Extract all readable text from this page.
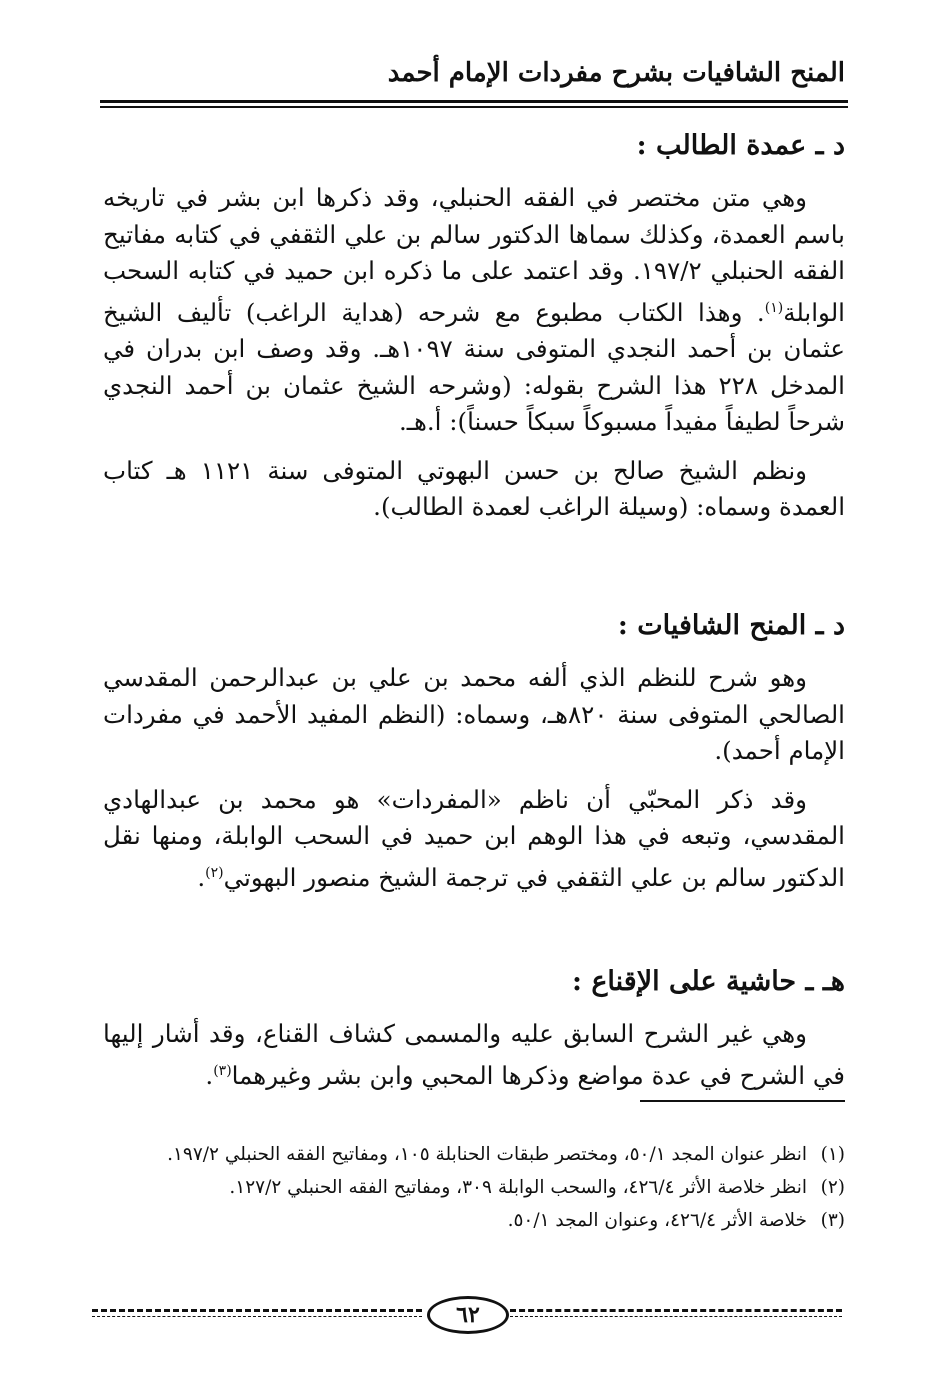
المنح الشافيات بشرح مفردات الإمام أحمد
د ـ عمدة الطالب :

وهي متن مختصر في الفقه الحنبلي، وقد ذكرها ابن بشر في تاريخه باسم العمدة، وكذلك سماها الدكتور سالم بن علي الثقفي في كتابه مفاتيح الفقه الحنبلي ١٩٧/٢. وقد اعتمد على ما ذكره ابن حميد في كتابه السحب الوابلة$^{(١)}$. وهذا الكتاب مطبوع مع شرحه (هداية الراغب) تأليف الشيخ عثمان بن أحمد النجدي المتوفى سنة ١٠٩٧هـ. وقد وصف ابن بدران في المدخل ٢٢٨ هذا الشرح بقوله: (وشرحه الشيخ عثمان بن أحمد النجدي شرحاً لطيفاً مفيداً مسبوكاً سبكاً حسناً): أ.هـ.

ونظم الشيخ صالح بن حسن البهوتي المتوفى سنة ١١٢١ هـ كتاب العمدة وسماه: (وسيلة الراغب لعمدة الطالب).

د ـ المنح الشافيات :

وهو شرح للنظم الذي ألفه محمد بن علي بن عبدالرحمن المقدسي الصالحي المتوفى سنة ٨٢٠هـ، وسماه: (النظم المفيد الأحمد في مفردات الإمام أحمد).

وقد ذكر المحبّي أن ناظم «المفردات» هو محمد بن عبدالهادي المقدسي، وتبعه في هذا الوهم ابن حميد في السحب الوابلة، ومنها نقل الدكتور سالم بن علي الثقفي في ترجمة الشيخ منصور البهوتي$^{(٢)}$.

هـ ـ حاشية على الإقناع :

وهي غير الشرح السابق عليه والمسمى كشاف القناع، وقد أشار إليها في الشرح في عدة مواضع وذكرها المحبي وابن بشر وغيرهما$^{(٣)}$.

(١)
انظر عنوان المجد ٥٠/١، ومختصر طبقات الحنابلة ١٠٥، ومفاتيح الفقه الحنبلي ١٩٧/٢.
(٢)
انظر خلاصة الأثر ٤٢٦/٤، والسحب الوابلة ٣٠٩، ومفاتيح الفقه الحنبلي ١٢٧/٢.
(٣)
خلاصة الأثر ٤٢٦/٤، وعنوان المجد ٥٠/١.
٦٢
